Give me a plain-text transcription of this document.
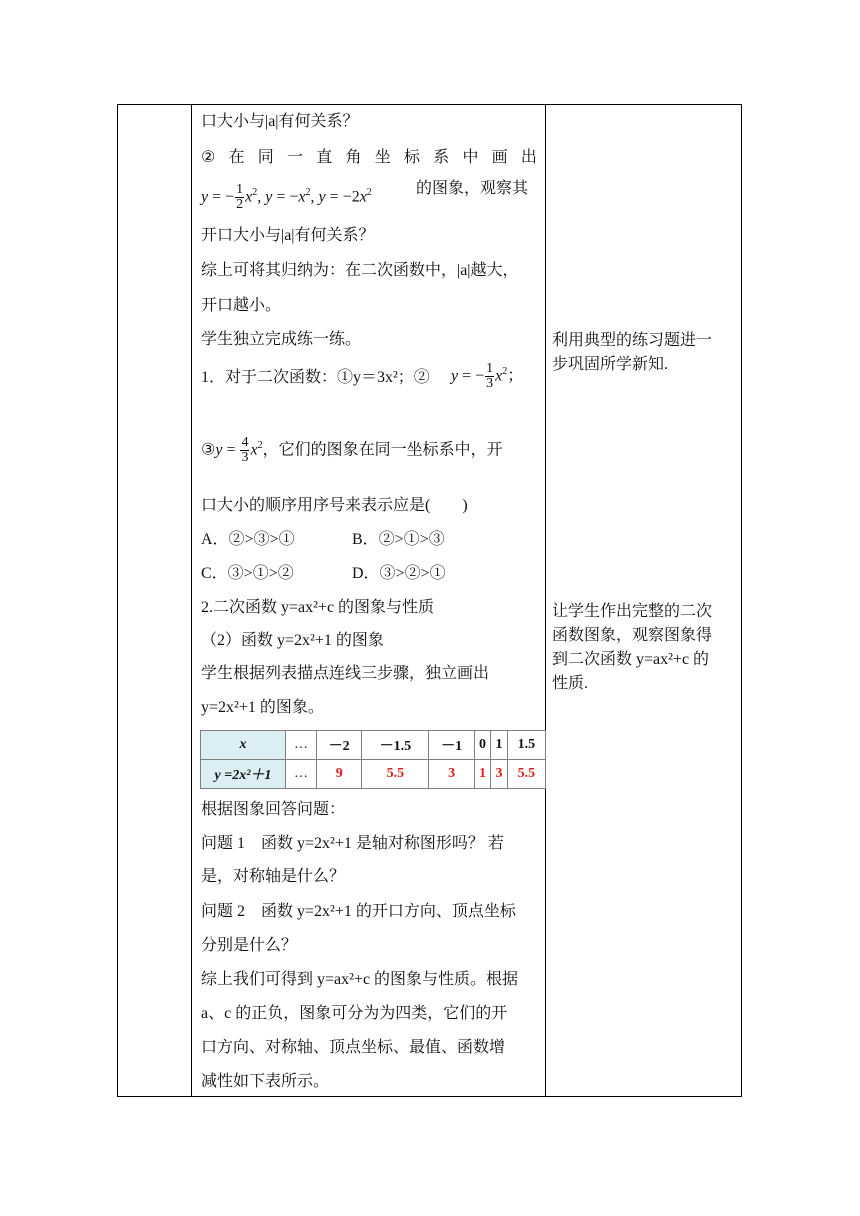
口大小与|a|有何关系？
② 在 同 一 直 角 坐 标 系 中 画 出
y = − $\frac{1}{2} x^2$, $y = -x^2$, $y = -2x^2$	的图象，观察其
开口大小与|a|有何关系？
综上可将其归纳为：在二次函数中，|a|越大，
开口越小。
学生独立完成练一练。
1．对于二次函数：①y＝3x²；② y = − $\frac{1}{3} x^2$；
③y = $\frac{4}{3} x^2$，它们的图象在同一坐标系中，开
口大小的顺序用序号来表示应是(　　)
A．②>③>①	B．②>①>③
C．③>①>②	D．③>②>①
2.二次函数 y=ax²+c 的图象与性质
（2）函数 y=2x²+1 的图象
学生根据列表描点连线三步骤，独立画出
y=2x²+1 的图象。
x	…	－2	－1.5	－1	0	1	1.5
y =2x²＋1	…	9	5.5	3	1	3	5.5
根据图象回答问题：
问题 1　函数 y=2x²+1 是轴对称图形吗？ 若
是，对称轴是什么？
问题 2　函数 y=2x²+1 的开口方向、顶点坐标
分别是什么？
综上我们可得到 y=ax²+c 的图象与性质。根据
a、c 的正负，图象可分为为四类，它们的开
口方向、对称轴、顶点坐标、最值、函数增
减性如下表所示。
利用典型的练习题进一
步巩固所学新知.
让学生作出完整的二次
函数图象，观察图象得
到二次函数 y=ax²+c 的
性质.
